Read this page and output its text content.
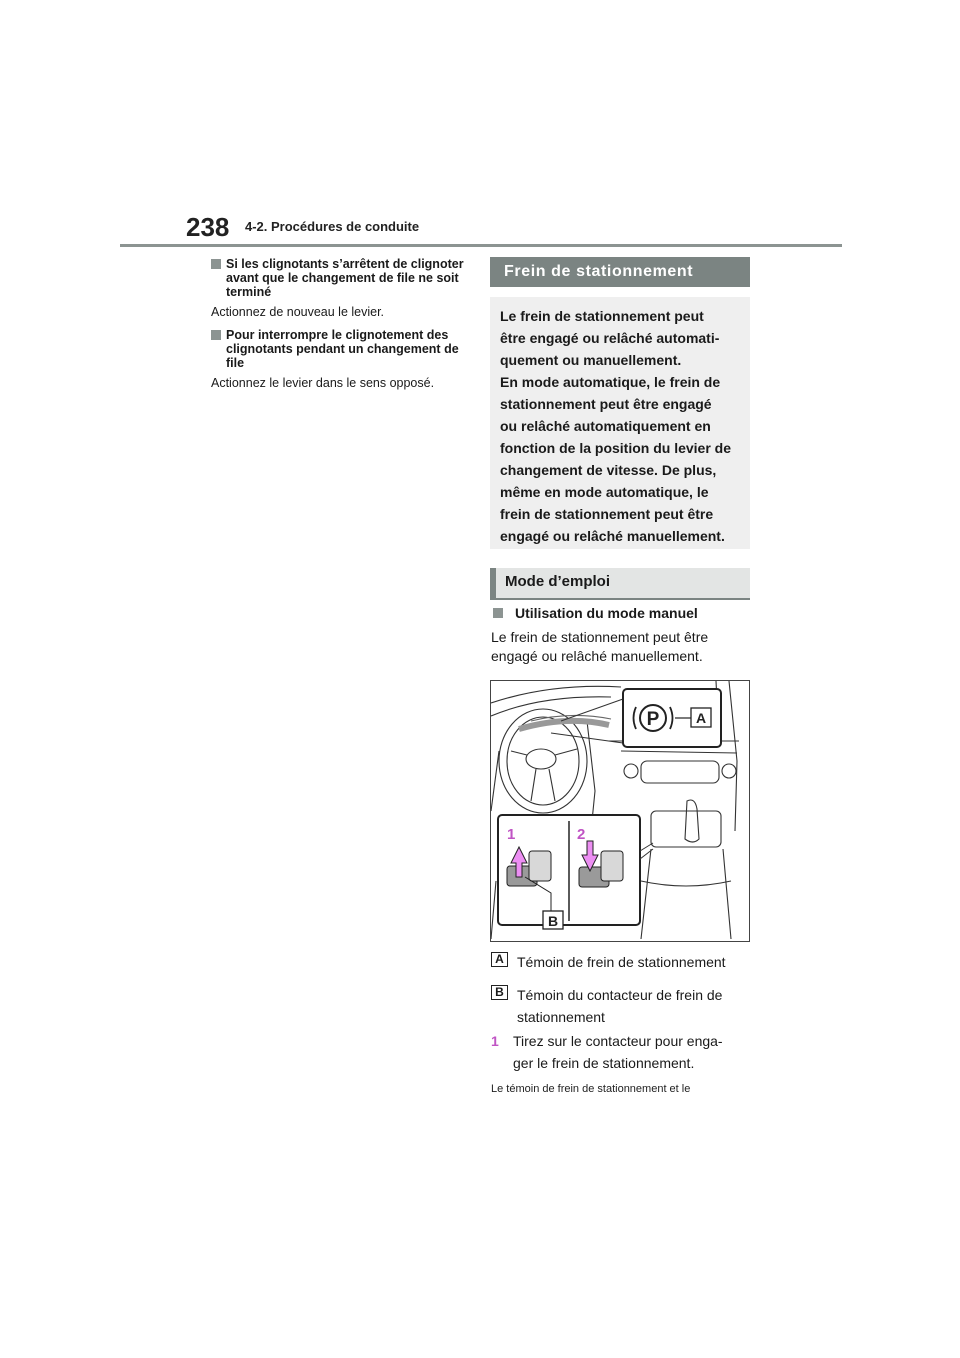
238 4-2. Procédures de conduite
Si les clignotants s’arrêtent de clignoter
avant que le changement de file ne soit
terminé
Actionnez de nouveau le levier.
Pour interrompre le clignotement des
clignotants pendant un changement de
file
Actionnez le levier dans le sens opposé.
Frein de stationnement
Le frein de stationnement peut
être engagé ou relâché automati-
quement ou manuellement.
En mode automatique, le frein de
stationnement peut être engagé
ou relâché automatiquement en
fonction de la position du levier de
changement de vitesse. De plus,
même en mode automatique, le
frein de stationnement peut être
engagé ou relâché manuellement.
Mode d’emploi
Utilisation du mode manuel
Le frein de stationnement peut être
engagé ou relâché manuellement.
P	A
1	2
B
A Témoin de frein de stationnement
B Témoin du contacteur de frein de
stationnement
1	Tirez sur le contacteur pour enga-
ger le frein de stationnement.
Le témoin de frein de stationnement et le
